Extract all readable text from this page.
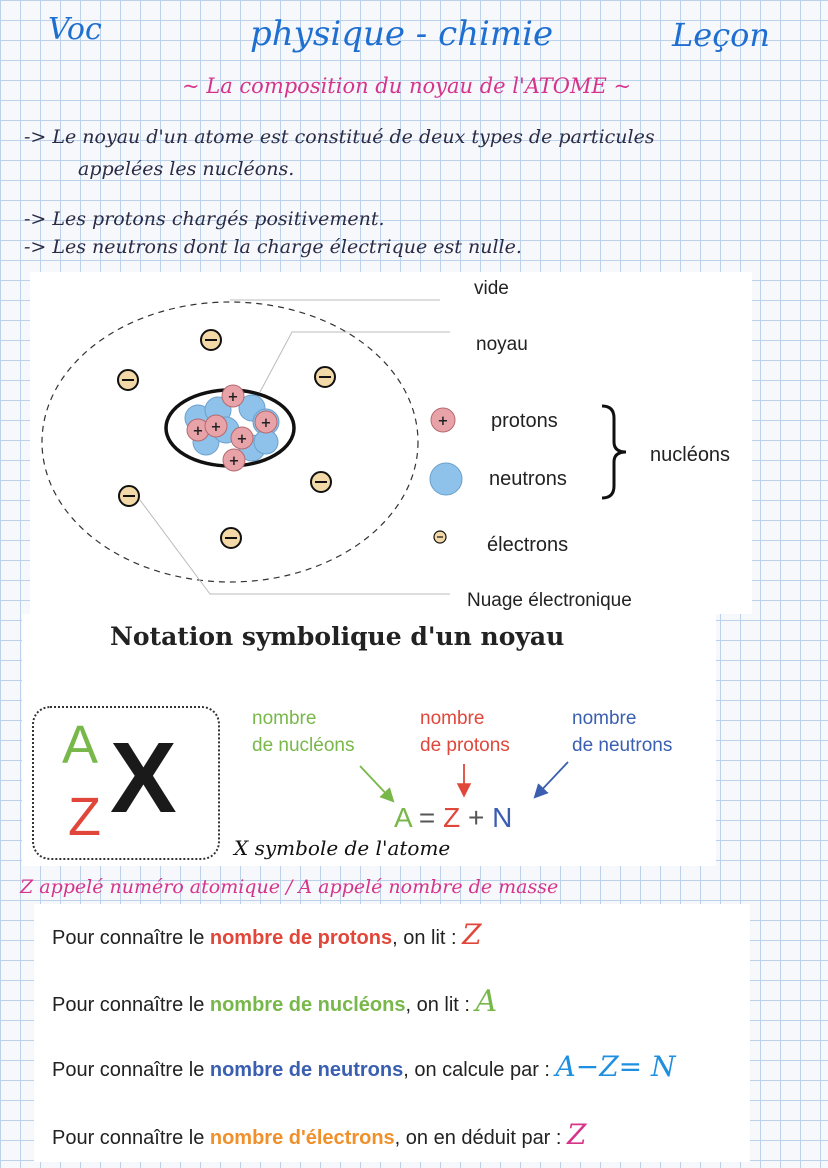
Voc	physique - chimie	Leçon
~ La composition du noyau de l'ATOME ~
-> Le noyau d'un atome est constitué de deux types de particules
appelées les nucléons.
-> Les protons chargés positivement.
-> Les neutrons dont la charge électrique est nulle.
+
+ +
+
+
+
+
vide
noyau
protons
neutrons
électrons
nucléons
Nuage électronique
Notation symbolique d'un noyau
A
Z X
nombre
de nucléons
nombre
de protons
nombre
de neutrons
A = Z + N
X symbole de l'atome
Z appelé numéro atomique / A appelé nombre de masse
Pour connaître le nombre de protons, on lit : Z
Pour connaître le nombre de nucléons, on lit : A
Pour connaître le nombre de neutrons, on calcule par : A−Z= N
Pour connaître le nombre d'électrons, on en déduit par : Z
